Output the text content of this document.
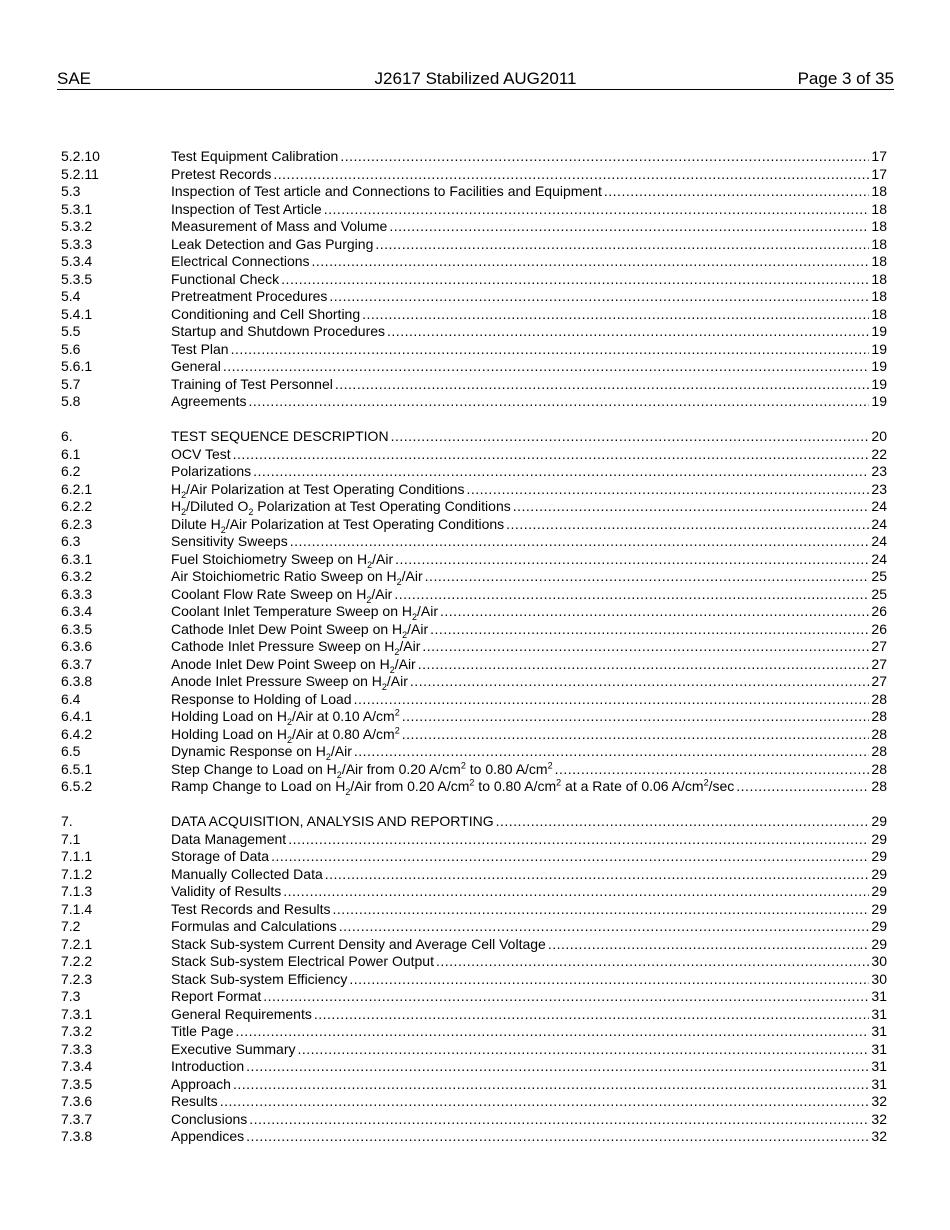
SAE	J2617 Stabilized AUG2011	Page 3 of 35
5.2.10	Test Equipment Calibration .....	17
5.2.11	Pretest Records .....	17
5.3	Inspection of Test article and Connections to Facilities and Equipment .....	18
5.3.1	Inspection of Test Article .....	18
5.3.2	Measurement of Mass and Volume .....	18
5.3.3	Leak Detection and Gas Purging .....	18
5.3.4	Electrical Connections .....	18
5.3.5	Functional Check .....	18
5.4	Pretreatment Procedures .....	18
5.4.1	Conditioning and Cell Shorting .....	18
5.5	Startup and Shutdown Procedures .....	19
5.6	Test Plan .....	19
5.6.1	General .....	19
5.7	Training of Test Personnel .....	19
5.8	Agreements .....	19
6.	TEST SEQUENCE DESCRIPTION .....	20
6.1	OCV Test .....	22
6.2	Polarizations .....	23
6.2.1	$H_2$/Air Polarization at Test Operating Conditions .....	23
6.2.2	$H_2$/Diluted $O_2$ Polarization at Test Operating Conditions .....	24
6.2.3	Dilute $H_2$/Air Polarization at Test Operating Conditions .....	24
6.3	Sensitivity Sweeps .....	24
6.3.1	Fuel Stoichiometry Sweep on $H_2$/Air .....	24
6.3.2	Air Stoichiometric Ratio Sweep on $H_2$/Air .....	25
6.3.3	Coolant Flow Rate Sweep on $H_2$/Air .....	25
6.3.4	Coolant Inlet Temperature Sweep on $H_2$/Air .....	26
6.3.5	Cathode Inlet Dew Point Sweep on $H_2$/Air .....	26
6.3.6	Cathode Inlet Pressure Sweep on $H_2$/Air .....	27
6.3.7	Anode Inlet Dew Point Sweep on $H_2$/Air .....	27
6.3.8	Anode Inlet Pressure Sweep on $H_2$/Air .....	27
6.4	Response to Holding of Load .....	28
6.4.1	Holding Load on $H_2$/Air at 0.10 $A/cm^2$ .....	28
6.4.2	Holding Load on $H_2$/Air at 0.80 $A/cm^2$ .....	28
6.5	Dynamic Response on $H_2$/Air .....	28
6.5.1	Step Change to Load on $H_2$/Air from 0.20 $A/cm^2$ to 0.80 $A/cm^2$ .....	28
6.5.2	Ramp Change to Load on $H_2$/Air from 0.20 $A/cm^2$ to 0.80 $A/cm^2$ at a Rate of 0.06 $A/cm^2/\sec$ .....	28
7.	DATA ACQUISITION, ANALYSIS AND REPORTING .....	29
7.1	Data Management .....	29
7.1.1	Storage of Data .....	29
7.1.2	Manually Collected Data .....	29
7.1.3	Validity of Results .....	29
7.1.4	Test Records and Results .....	29
7.2	Formulas and Calculations .....	29
7.2.1	Stack Sub-system Current Density and Average Cell Voltage .....	29
7.2.2	Stack Sub-system Electrical Power Output .....	30
7.2.3	Stack Sub-system Efficiency .....	30
7.3	Report Format .....	31
7.3.1	General Requirements .....	31
7.3.2	Title Page .....	31
7.3.3	Executive Summary .....	31
7.3.4	Introduction .....	31
7.3.5	Approach .....	31
7.3.6	Results .....	32
7.3.7	Conclusions .....	32
7.3.8	Appendices .....	32
